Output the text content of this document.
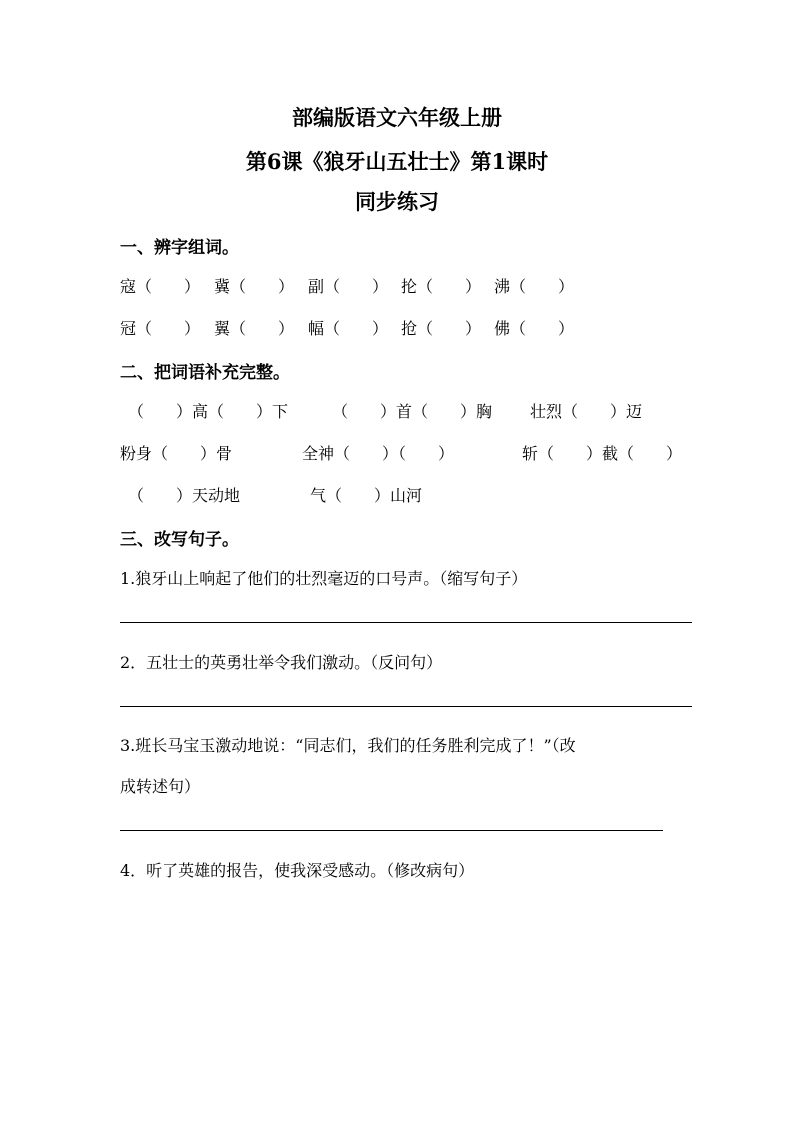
部编版语文六年级上册
第6课《狼牙山五壮士》第1课时
同步练习
一、辨字组词。
寇（　　） 冀（　　） 副（　　） 抡（　　） 沸（　　）
冠（　　） 翼（　　） 幅（　　） 抢（　　） 佛（　　）
二、把词语补充完整。
（　　）高（　　）下	（　　）首（　　）胸 壮烈（　　）迈
粉身（　　）骨	全神（　　）（　　）	斩（　　）截（　　）
（　　）天动地	气（　　）山河
三、改写句子。
1.狼牙山上响起了他们的壮烈毫迈的口号声。（缩写句子）
2．五壮士的英勇壮举令我们激动。（反问句）
3.班长马宝玉激动地说：“同志们，我们的任务胜利完成了！”（改
成转述句）
4．听了英雄的报告，使我深受感动。（修改病句）
